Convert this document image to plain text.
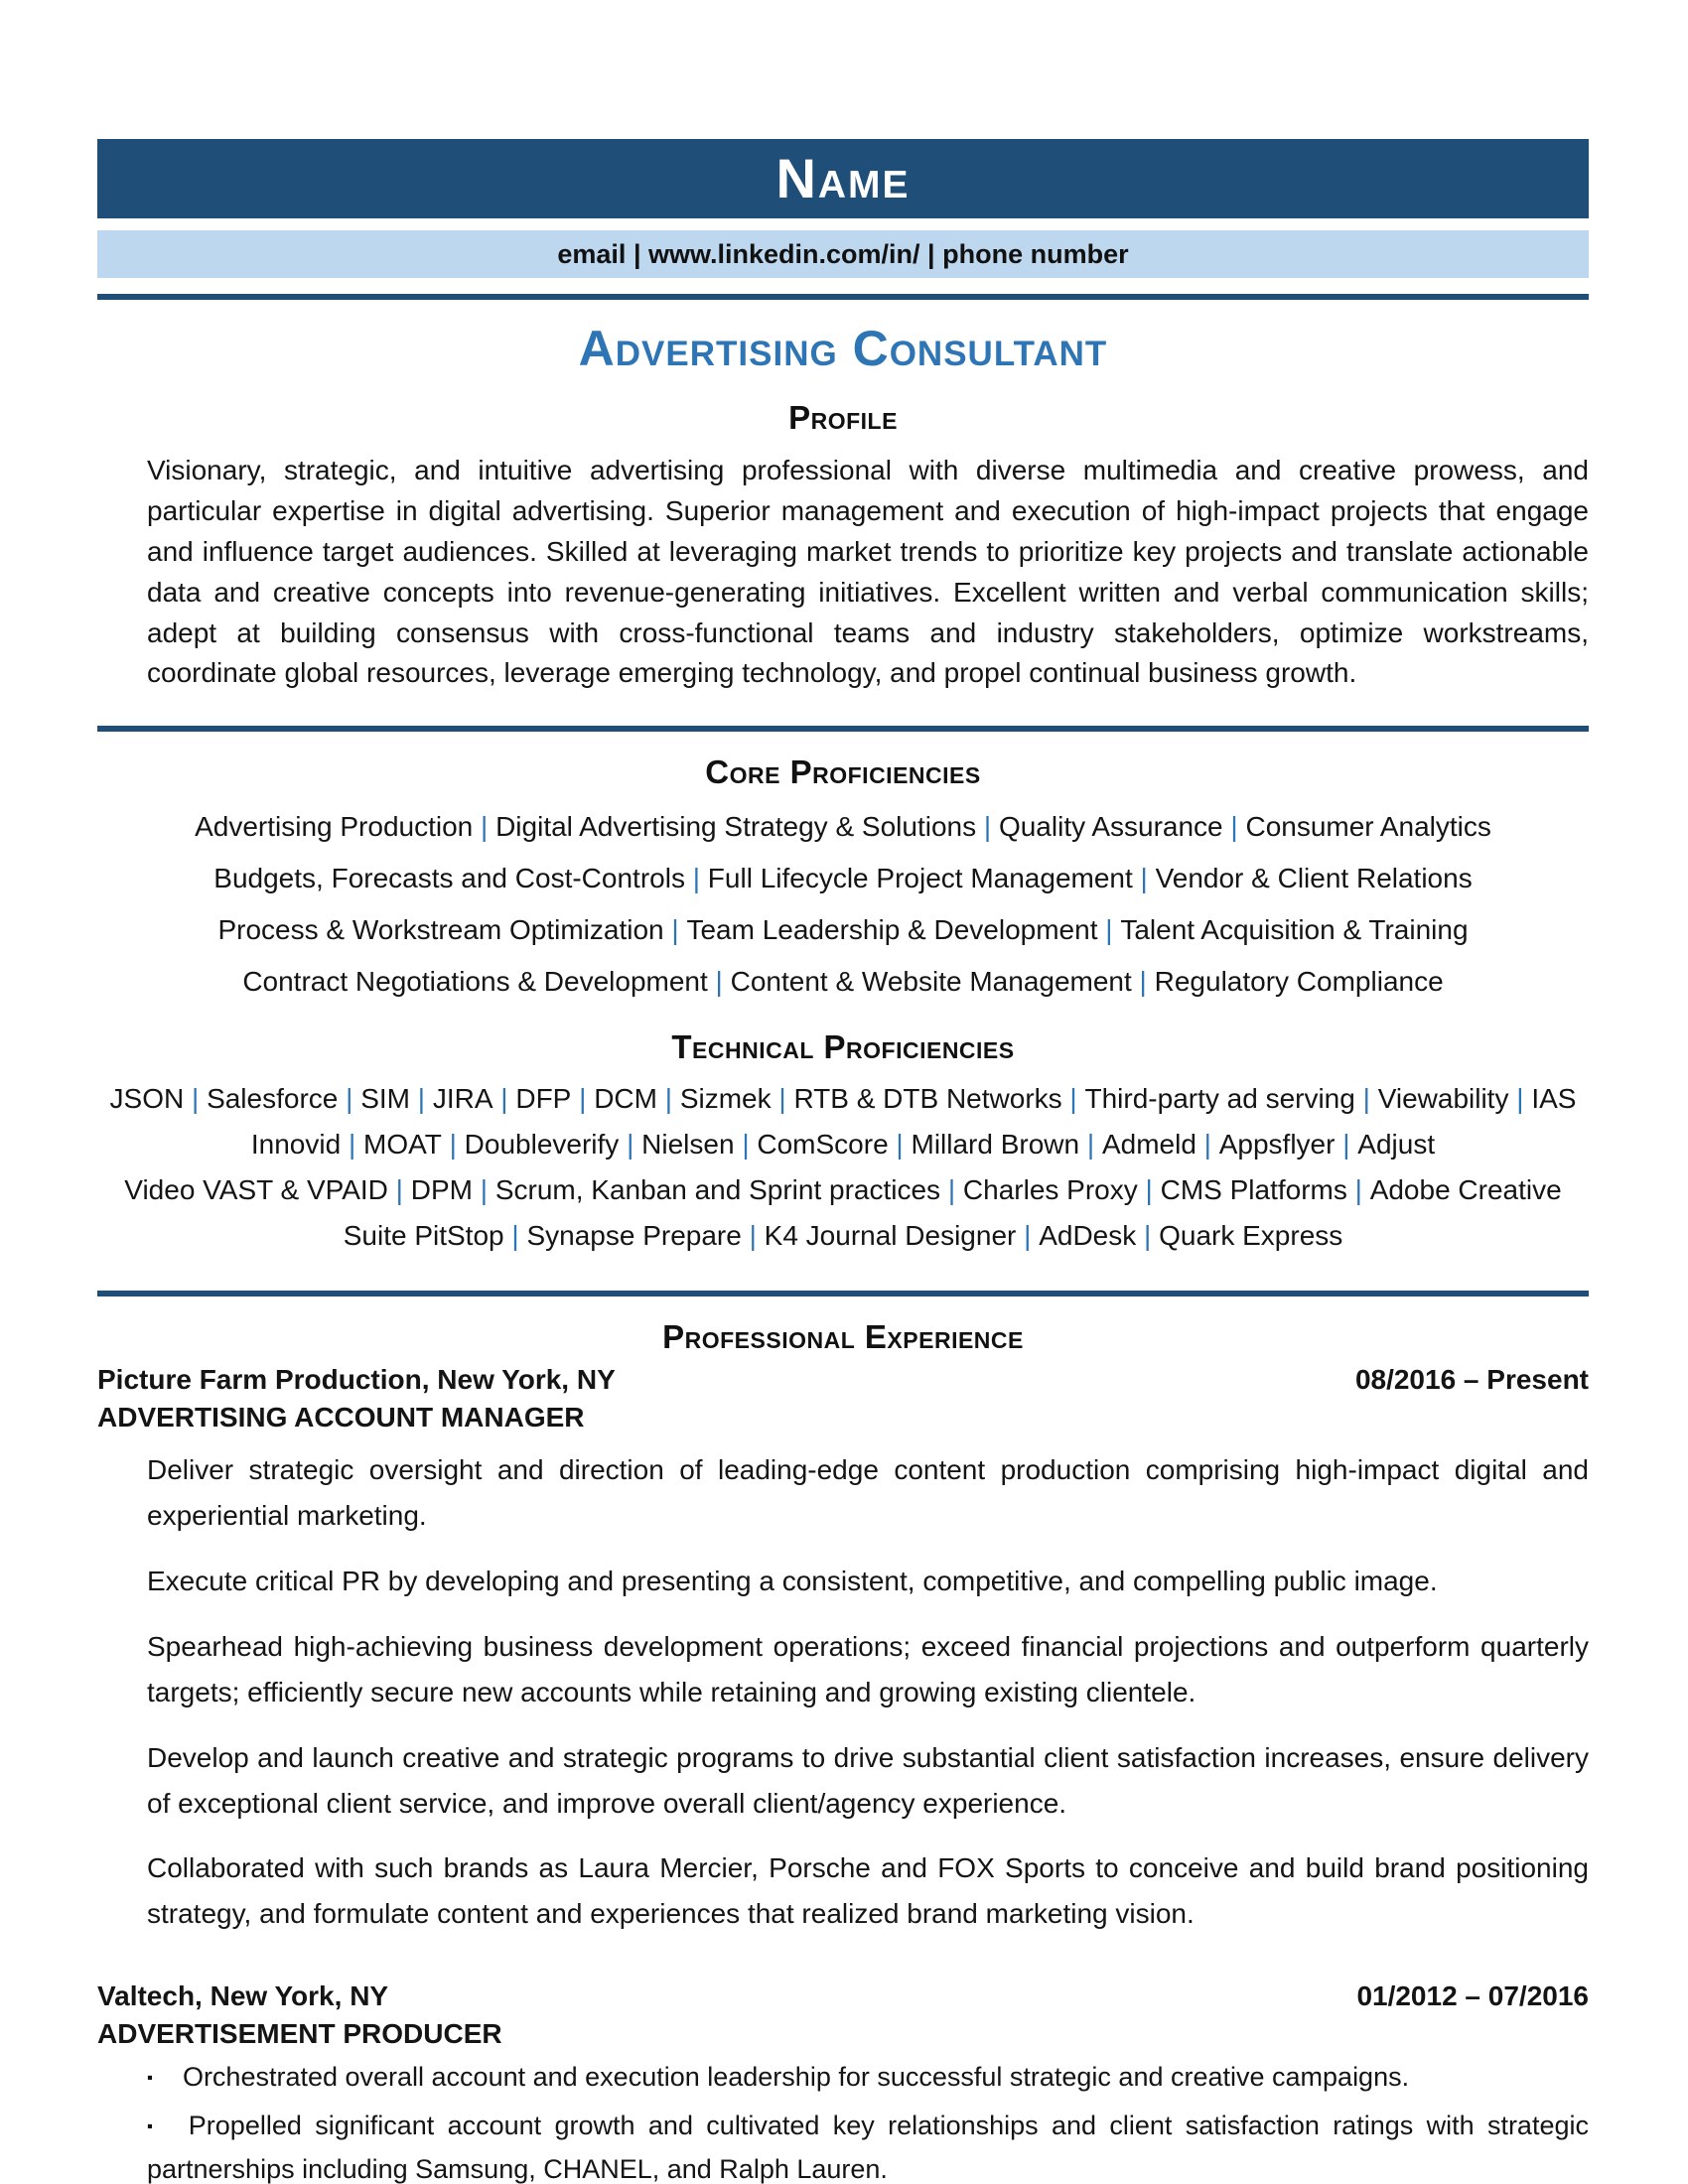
Name
email | www.linkedin.com/in/ | phone number
Advertising Consultant
Profile

Visionary, strategic, and intuitive advertising professional with diverse multimedia and creative prowess, and particular expertise in digital advertising. Superior management and execution of high-impact projects that engage and influence target audiences. Skilled at leveraging market trends to prioritize key projects and translate actionable data and creative concepts into revenue-generating initiatives. Excellent written and verbal communication skills; adept at building consensus with cross-functional teams and industry stakeholders, optimize workstreams, coordinate global resources, leverage emerging technology, and propel continual business growth.

Core Proficiencies
Advertising Production | Digital Advertising Strategy & Solutions | Quality Assurance | Consumer Analytics
Budgets, Forecasts and Cost-Controls | Full Lifecycle Project Management | Vendor & Client Relations
Process & Workstream Optimization | Team Leadership & Development | Talent Acquisition & Training
Contract Negotiations & Development | Content & Website Management | Regulatory Compliance
Technical Proficiencies
JSON | Salesforce | SIM | JIRA | DFP | DCM | Sizmek | RTB & DTB Networks | Third-party ad serving | Viewability | IAS
Innovid | MOAT | Doubleverify | Nielsen | ComScore | Millard Brown | Admeld | Appsflyer | Adjust
Video VAST & VPAID | DPM | Scrum, Kanban and Sprint practices | Charles Proxy | CMS Platforms | Adobe Creative
Suite PitStop | Synapse Prepare | K4 Journal Designer | AdDesk | Quark Express
Professional Experience
Picture Farm Production, New York, NY	08/2016 – Present
ADVERTISING ACCOUNT MANAGER

Deliver strategic oversight and direction of leading-edge content production comprising high-impact digital and experiential marketing.

Execute critical PR by developing and presenting a consistent, competitive, and compelling public image.

Spearhead high-achieving business development operations; exceed financial projections and outperform quarterly targets; efficiently secure new accounts while retaining and growing existing clientele.

Develop and launch creative and strategic programs to drive substantial client satisfaction increases, ensure delivery of exceptional client service, and improve overall client/agency experience.

Collaborated with such brands as Laura Mercier, Porsche and FOX Sports to conceive and build brand positioning strategy, and formulate content and experiences that realized brand marketing vision.

Valtech, New York, NY	01/2012 – 07/2016
ADVERTISEMENT PRODUCER

▪ Orchestrated overall account and execution leadership for successful strategic and creative campaigns.

▪ Propelled significant account growth and cultivated key relationships and client satisfaction ratings with strategic partnerships including Samsung, CHANEL, and Ralph Lauren.
